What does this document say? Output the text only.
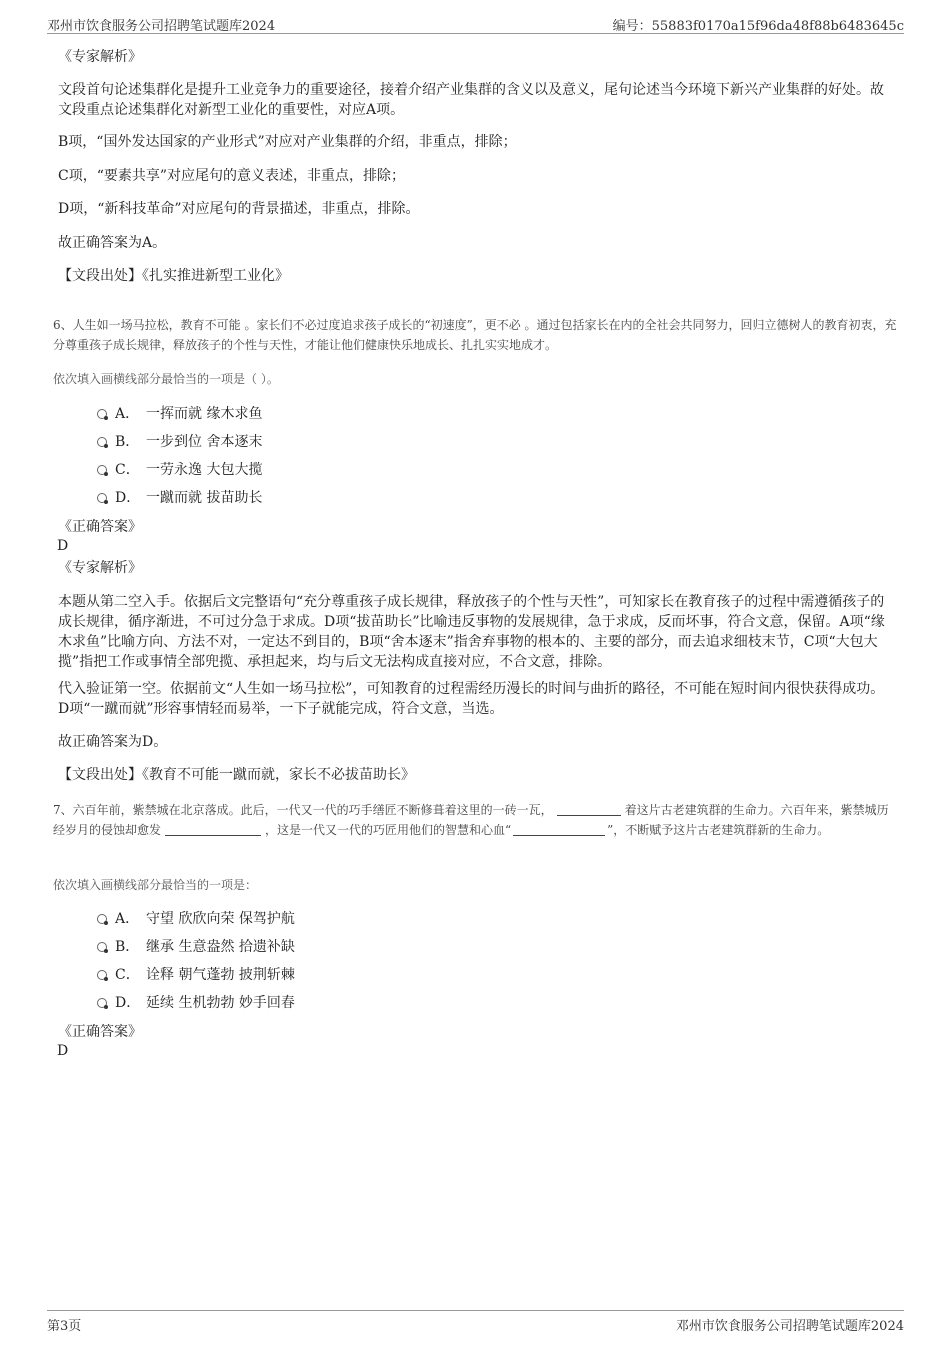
邓州市饮食服务公司招聘笔试题库2024	编号：55883f0170a15f96da48f88b6483645c
《专家解析》
文段首句论述集群化是提升工业竞争力的重要途径，接着介绍产业集群的含义以及意义，尾句论述当今环境下新兴产业集群的好处。故文段重点论述集群化对新型工业化的重要性，对应A项。
B项，“国外发达国家的产业形式”对应对产业集群的介绍，非重点，排除；
C项，“要素共享”对应尾句的意义表述，非重点，排除；
D项，“新科技革命”对应尾句的背景描述，非重点，排除。
故正确答案为A。
【文段出处】《扎实推进新型工业化》
6、人生如一场马拉松，教育不可能 。家长们不必过度追求孩子成长的“初速度”，更不必 。通过包括家长在内的全社会共同努力，回归立德树人的教育初衷，充分尊重孩子成长规律，释放孩子的个性与天性，才能让他们健康快乐地成长、扎扎实实地成才。
依次填入画横线部分最恰当的一项是（ ）。
A． 一挥而就 缘木求鱼
B． 一步到位 舍本逐末
C． 一劳永逸 大包大揽
D． 一蹴而就 拔苗助长
《正确答案》
D
《专家解析》
本题从第二空入手。依据后文完整语句“充分尊重孩子成长规律，释放孩子的个性与天性”，可知家长在教育孩子的过程中需遵循孩子的成长规律，循序渐进，不可过分急于求成。D项“拔苗助长”比喻违反事物的发展规律，急于求成，反而坏事，符合文意，保留。A项“缘木求鱼”比喻方向、方法不对，一定达不到目的，B项“舍本逐末”指舍弃事物的根本的、主要的部分，而去追求细枝末节，C项“大包大揽”指把工作或事情全部兜揽、承担起来，均与后文无法构成直接对应，不合文意，排除。
代入验证第一空。依据前文“人生如一场马拉松”，可知教育的过程需经历漫长的时间与曲折的路径，不可能在短时间内很快获得成功。D项“一蹴而就”形容事情轻而易举，一下子就能完成，符合文意，当选。
故正确答案为D。
【文段出处】《教育不可能一蹴而就，家长不必拔苗助长》
7、六百年前，紫禁城在北京落成。此后，一代又一代的巧手缮匠不断修葺着这里的一砖一瓦，	着这片古老建筑群的生命力。六百年来，紫禁城历经岁月的侵蚀却愈发	，这是一代又一代的巧匠用他们的智慧和心血“	”，不断赋予这片古老建筑群新的生命力。
依次填入画横线部分最恰当的一项是：
A． 守望 欣欣向荣 保驾护航
B． 继承 生意盎然 拾遗补缺
C． 诠释 朝气蓬勃 披荆斩棘
D． 延续 生机勃勃 妙手回春
《正确答案》
D
第3页	邓州市饮食服务公司招聘笔试题库2024
